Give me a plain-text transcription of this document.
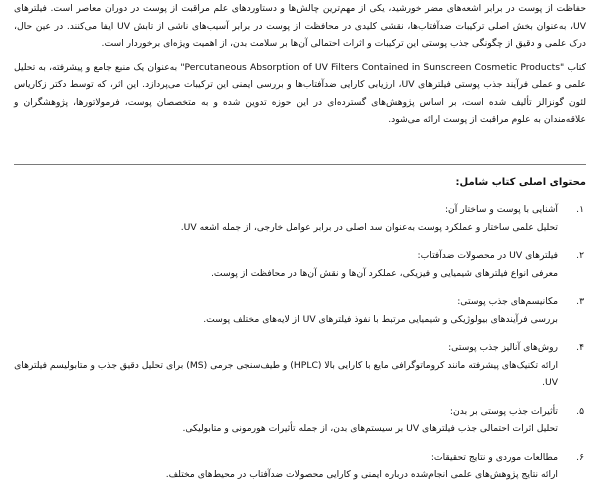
حفاظت از پوست در برابر اشعه‌های مضر خورشید، یکی از مهم‌ترین چالش‌ها و دستاوردهای علم مراقبت از پوست در دوران معاصر است. فیلترهای UV، به‌عنوان بخش اصلی ترکیبات ضدآفتاب‌ها، نقشی کلیدی در محافظت از پوست در برابر آسیب‌های ناشی از تابش UV ایفا می‌کنند. در عین حال، درک علمی و دقیق از چگونگی جذب پوستی این ترکیبات و اثرات احتمالی آن‌ها بر سلامت بدن، از اهمیت ویژه‌ای برخوردار است.

کتاب "Percutaneous Absorption of UV Filters Contained in Sunscreen Cosmetic Products" به‌عنوان یک منبع جامع و پیشرفته، به تحلیل علمی و عملی فرآیند جذب پوستی فیلترهای UV، ارزیابی کارایی ضدآفتاب‌ها و بررسی ایمنی این ترکیبات می‌پردازد. این اثر، که توسط دکتر زکاریاس لئون گونزالز تألیف شده است، بر اساس پژوهش‌های گسترده‌ای در این حوزه تدوین شده و به متخصصان پوست، فرمولاتورها، پژوهشگران و علاقه‌مندان به علوم مراقبت از پوست ارائه می‌شود.

محتوای اصلی کتاب شامل:
۱.
آشنایی با پوست و ساختار آن:
تحلیل علمی ساختار و عملکرد پوست به‌عنوان سد اصلی در برابر عوامل خارجی، از جمله اشعه UV.
۲.
فیلترهای UV در محصولات ضدآفتاب:
معرفی انواع فیلترهای شیمیایی و فیزیکی، عملکرد آن‌ها و نقش آن‌ها در محافظت از پوست.
۳.
مکانیسم‌های جذب پوستی:
بررسی فرآیندهای بیولوژیکی و شیمیایی مرتبط با نفوذ فیلترهای UV از لایه‌های مختلف پوست.
۴.
روش‌های آنالیز جذب پوستی:
ارائه تکنیک‌های پیشرفته مانند کروماتوگرافی مایع با کارایی بالا (HPLC) و طیف‌سنجی جرمی (MS) برای تحلیل دقیق جذب و متابولیسم فیلترهای UV.
۵.
تأثیرات جذب پوستی بر بدن:
تحلیل اثرات احتمالی جذب فیلترهای UV بر سیستم‌های بدن، از جمله تأثیرات هورمونی و متابولیکی.
۶.
مطالعات موردی و نتایج تحقیقات:
ارائه نتایج پژوهش‌های علمی انجام‌شده درباره ایمنی و کارایی محصولات ضدآفتاب در محیط‌های مختلف.
